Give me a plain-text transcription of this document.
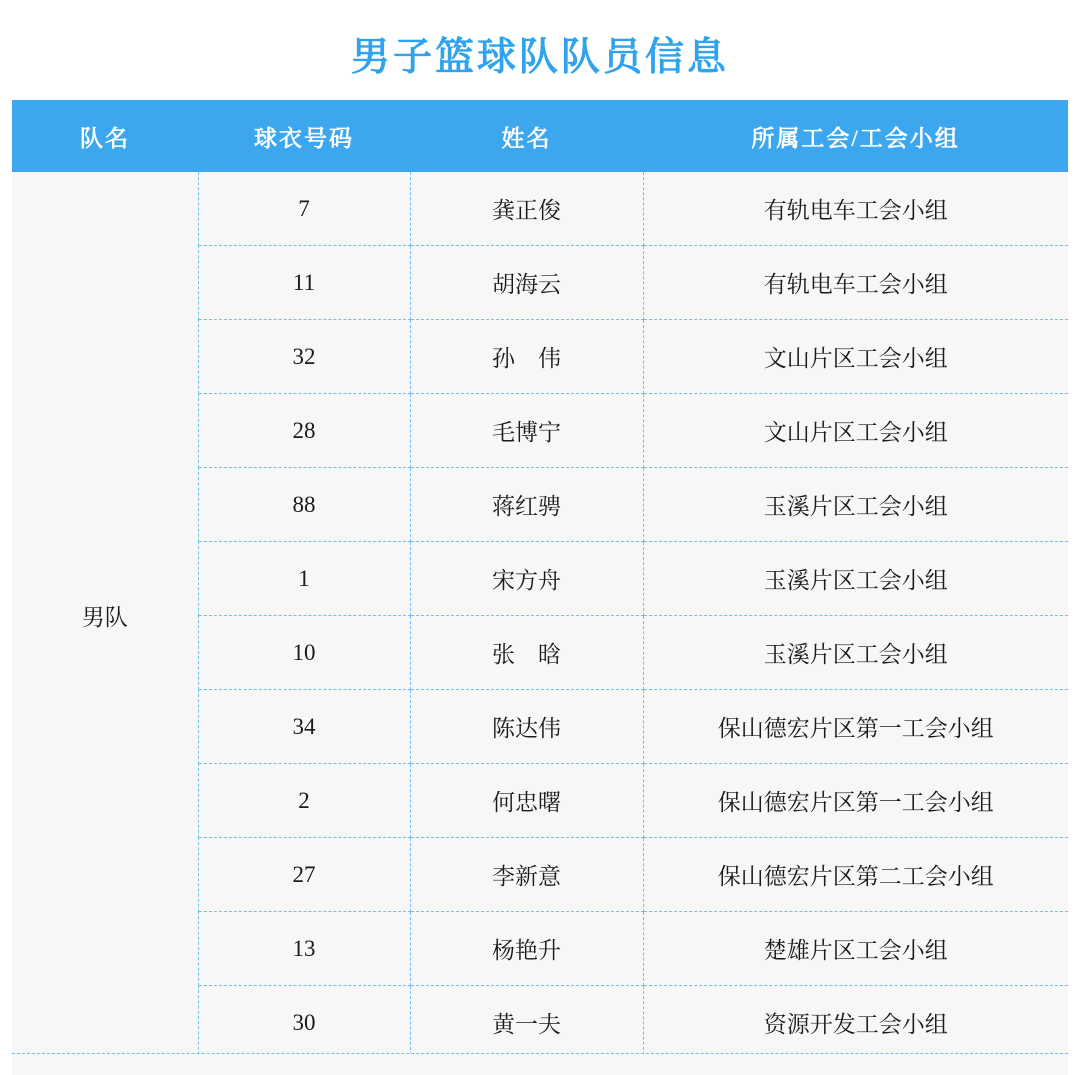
男子篮球队队员信息			
队名	球衣号码	姓名	所属工会/工会小组
男队	7	龚正俊	有轨电车工会小组
	11	胡海云	有轨电车工会小组
	32	孙　伟	文山片区工会小组
	28	毛博宁	文山片区工会小组
	88	蒋红骋	玉溪片区工会小组
	1	宋方舟	玉溪片区工会小组
	10	张　晗	玉溪片区工会小组
	34	陈达伟	保山德宏片区第一工会小组
	2	何忠曙	保山德宏片区第一工会小组
	27	李新意	保山德宏片区第二工会小组
	13	杨艳升	楚雄片区工会小组
	30	黄一夫	资源开发工会小组
